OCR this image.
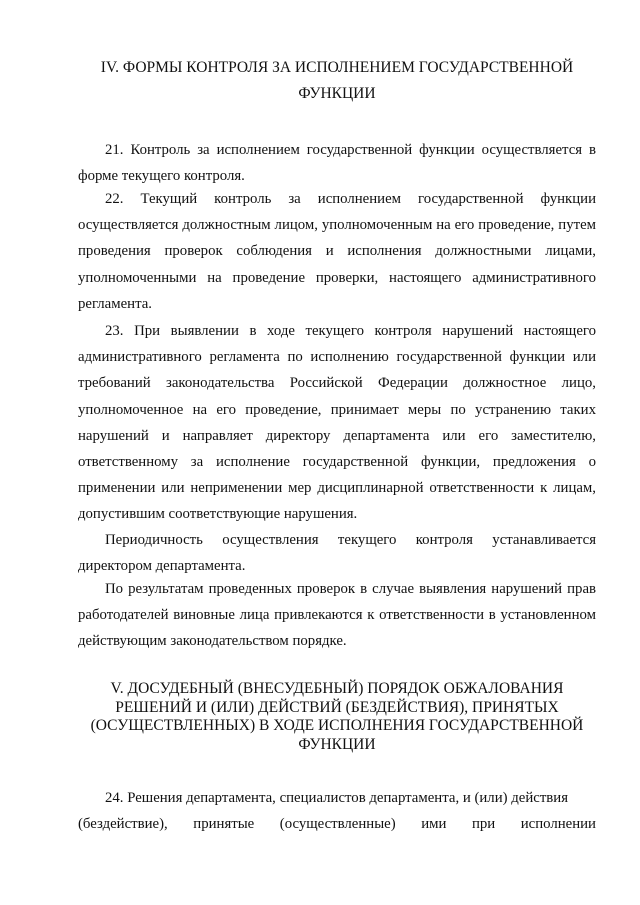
IV. ФОРМЫ КОНТРОЛЯ ЗА ИСПОЛНЕНИЕМ ГОСУДАРСТВЕННОЙ
ФУНКЦИИ

21. Контроль за исполнением государственной функции осуществляется в форме текущего контроля.

22. Текущий контроль за исполнением государственной функции осуществляется должностным лицом, уполномоченным на его проведение, путем проведения проверок соблюдения и исполнения должностными лицами, уполномоченными на проведение проверки, настоящего административного регламента.

23. При выявлении в ходе текущего контроля нарушений настоящего административного регламента по исполнению государственной функции или требований законодательства Российской Федерации должностное лицо, уполномоченное на его проведение, принимает меры по устранению таких нарушений и направляет директору департамента или его заместителю, ответственному за исполнение государственной функции, предложения о применении или неприменении мер дисциплинарной ответственности к лицам, допустившим соответствующие нарушения.

Периодичность осуществления текущего контроля устанавливается директором департамента.

По результатам проведенных проверок в случае выявления нарушений прав работодателей виновные лица привлекаются к ответственности в установленном действующим законодательством порядке.

V. ДОСУДЕБНЫЙ (ВНЕСУДЕБНЫЙ) ПОРЯДОК ОБЖАЛОВАНИЯ
РЕШЕНИЙ И (ИЛИ) ДЕЙСТВИЙ (БЕЗДЕЙСТВИЯ), ПРИНЯТЫХ
(ОСУЩЕСТВЛЕННЫХ) В ХОДЕ ИСПОЛНЕНИЯ ГОСУДАРСТВЕННОЙ
ФУНКЦИИ

24. Решения департамента, специалистов департамента, и (или) действия

(бездействие), принятые (осуществленные) ими при исполнении
